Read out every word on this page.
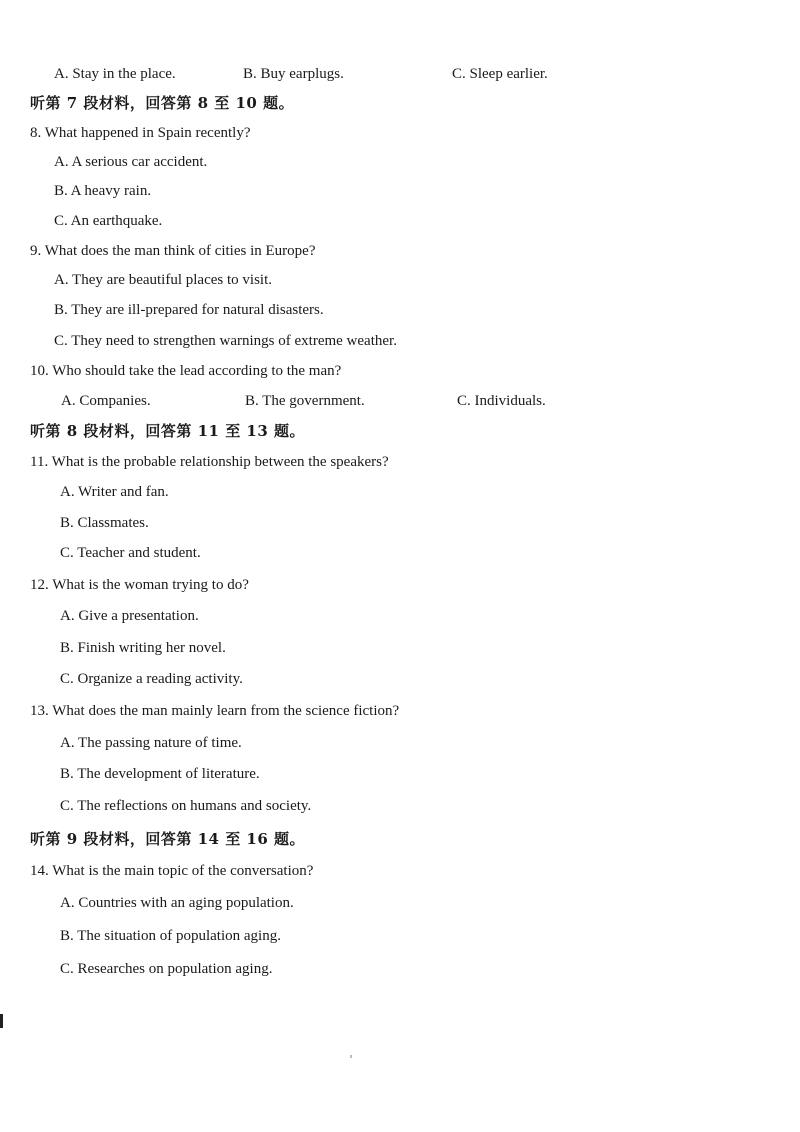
A. Stay in the place.	B. Buy earplugs.	C. Sleep earlier.
听第 7 段材料，回答第 8 至 10 题。
8. What happened in Spain recently?
A. A serious car accident.
B. A heavy rain.
C. An earthquake.
9. What does the man think of cities in Europe?
A. They are beautiful places to visit.
B. They are ill-prepared for natural disasters.
C. They need to strengthen warnings of extreme weather.
10. Who should take the lead according to the man?
A. Companies.	B. The government.	C. Individuals.
听第 8 段材料，回答第 11 至 13 题。
11. What is the probable relationship between the speakers?
A. Writer and fan.
B. Classmates.
C. Teacher and student.
12. What is the woman trying to do?
A. Give a presentation.
B. Finish writing her novel.
C. Organize a reading activity.
13. What does the man mainly learn from the science fiction?
A. The passing nature of time.
B. The development of literature.
C. The reflections on humans and society.
听第 9 段材料，回答第 14 至 16 题。
14. What is the main topic of the conversation?
A. Countries with an aging population.
B. The situation of population aging.
C. Researches on population aging.
